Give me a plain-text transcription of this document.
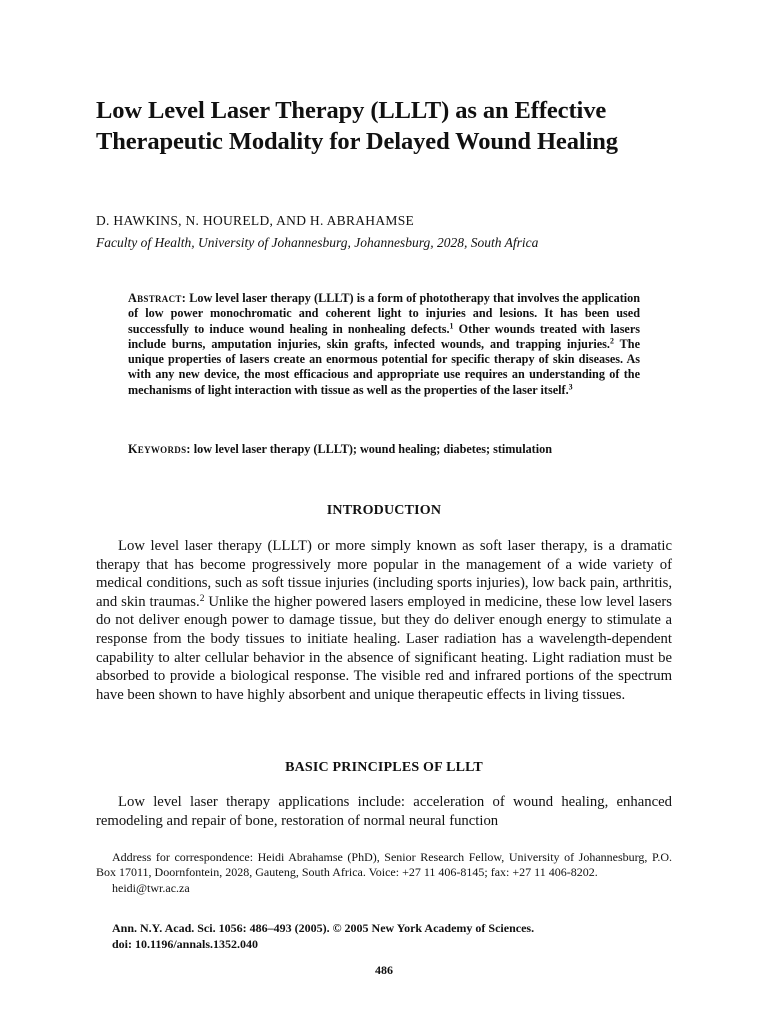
Low Level Laser Therapy (LLLT) as an Effective Therapeutic Modality for Delayed Wound Healing
D. HAWKINS, N. HOURELD, AND H. ABRAHAMSE
Faculty of Health, University of Johannesburg, Johannesburg, 2028, South Africa
Abstract: Low level laser therapy (LLLT) is a form of phototherapy that involves the application of low power monochromatic and coherent light to injuries and lesions. It has been used successfully to induce wound healing in nonhealing defects.$^1$ Other wounds treated with lasers include burns, amputation injuries, skin grafts, infected wounds, and trapping injuries.$^2$ The unique properties of lasers create an enormous potential for specific therapy of skin diseases. As with any new device, the most efficacious and appropriate use requires an understanding of the mechanisms of light interaction with tissue as well as the properties of the laser itself.$^3$
Keywords: low level laser therapy (LLLT); wound healing; diabetes; stimulation
INTRODUCTION

Low level laser therapy (LLLT) or more simply known as soft laser therapy, is a dramatic therapy that has become progressively more popular in the management of a wide variety of medical conditions, such as soft tissue injuries (including sports injuries), low back pain, arthritis, and skin traumas.$^2$ Unlike the higher powered lasers employed in medicine, these low level lasers do not deliver enough power to damage tissue, but they do deliver enough energy to stimulate a response from the body tissues to initiate healing. Laser radiation has a wavelength-dependent capability to alter cellular behavior in the absence of significant heating. Light radiation must be absorbed to provide a biological response. The visible red and infrared portions of the spectrum have been shown to have highly absorbent and unique therapeutic effects in living tissues.

BASIC PRINCIPLES OF LLLT

Low level laser therapy applications include: acceleration of wound healing, enhanced remodeling and repair of bone, restoration of normal neural function

Address for correspondence: Heidi Abrahamse (PhD), Senior Research Fellow, University of Johannesburg, P.O. Box 17011, Doornfontein, 2028, Gauteng, South Africa. Voice: +27 11 406-8145; fax: +27 11 406-8202.
heidi@twr.ac.za
Ann. N.Y. Acad. Sci. 1056: 486–493 (2005). © 2005 New York Academy of Sciences.
doi: 10.1196/annals.1352.040
486
